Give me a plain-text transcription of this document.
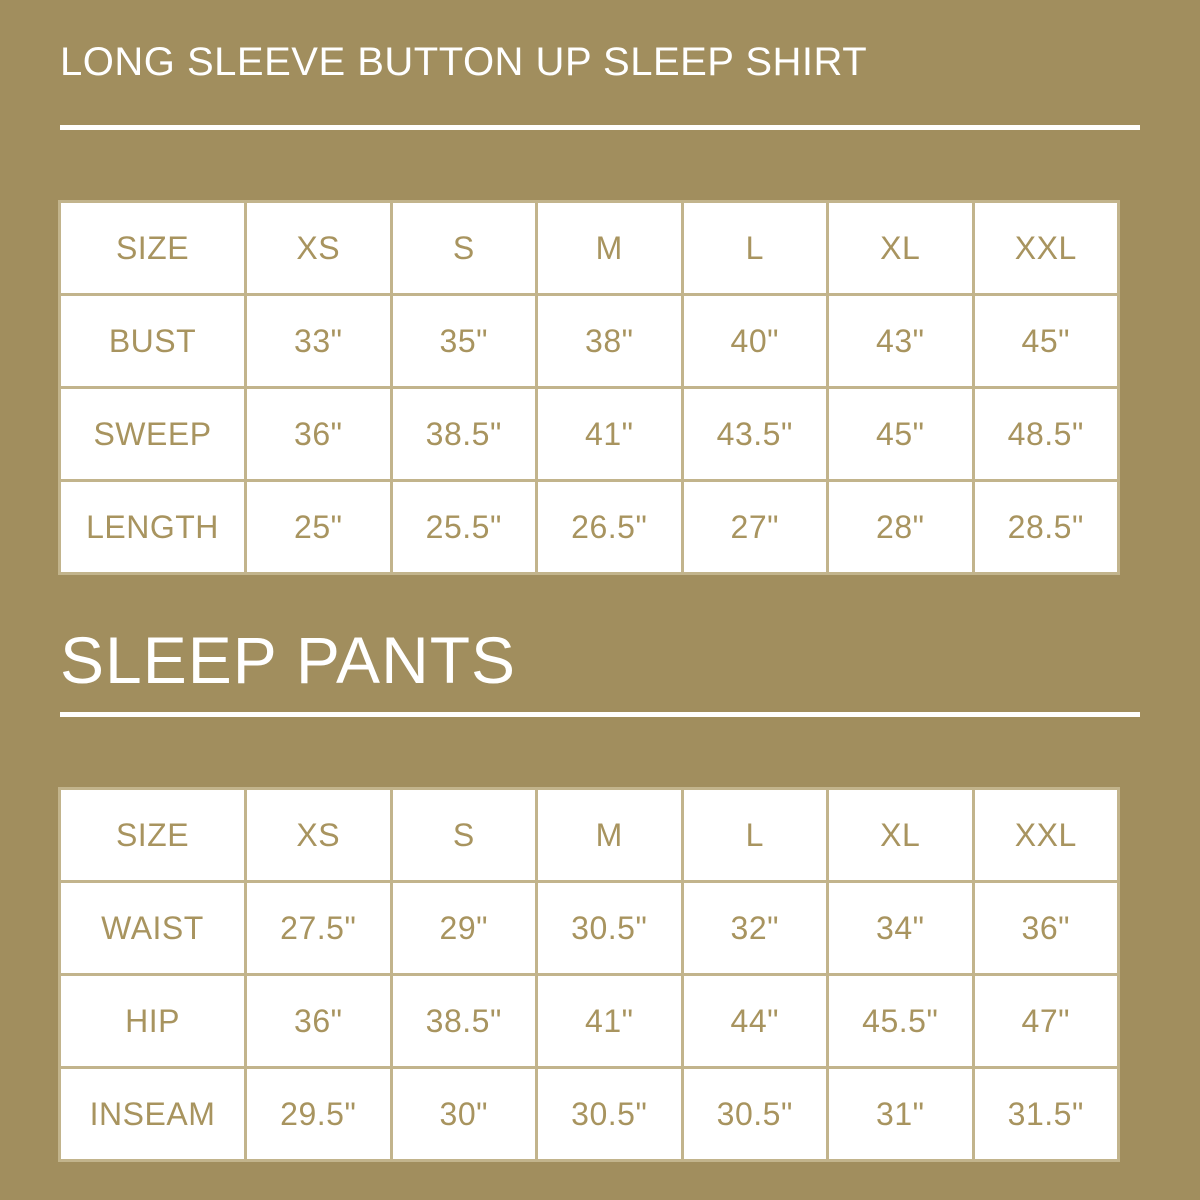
LONG SLEEVE BUTTON UP SLEEP SHIRT
SIZE	XS	S	M	L	XL	XXL
BUST	33"	35"	38"	40"	43"	45"
SWEEP	36"	38.5"	41"	43.5"	45"	48.5"
LENGTH	25"	25.5"	26.5"	27"	28"	28.5"
SLEEP PANTS
SIZE	XS	S	M	L	XL	XXL
WAIST	27.5"	29"	30.5"	32"	34"	36"
HIP	36"	38.5"	41"	44"	45.5"	47"
INSEAM	29.5"	30"	30.5"	30.5"	31"	31.5"
